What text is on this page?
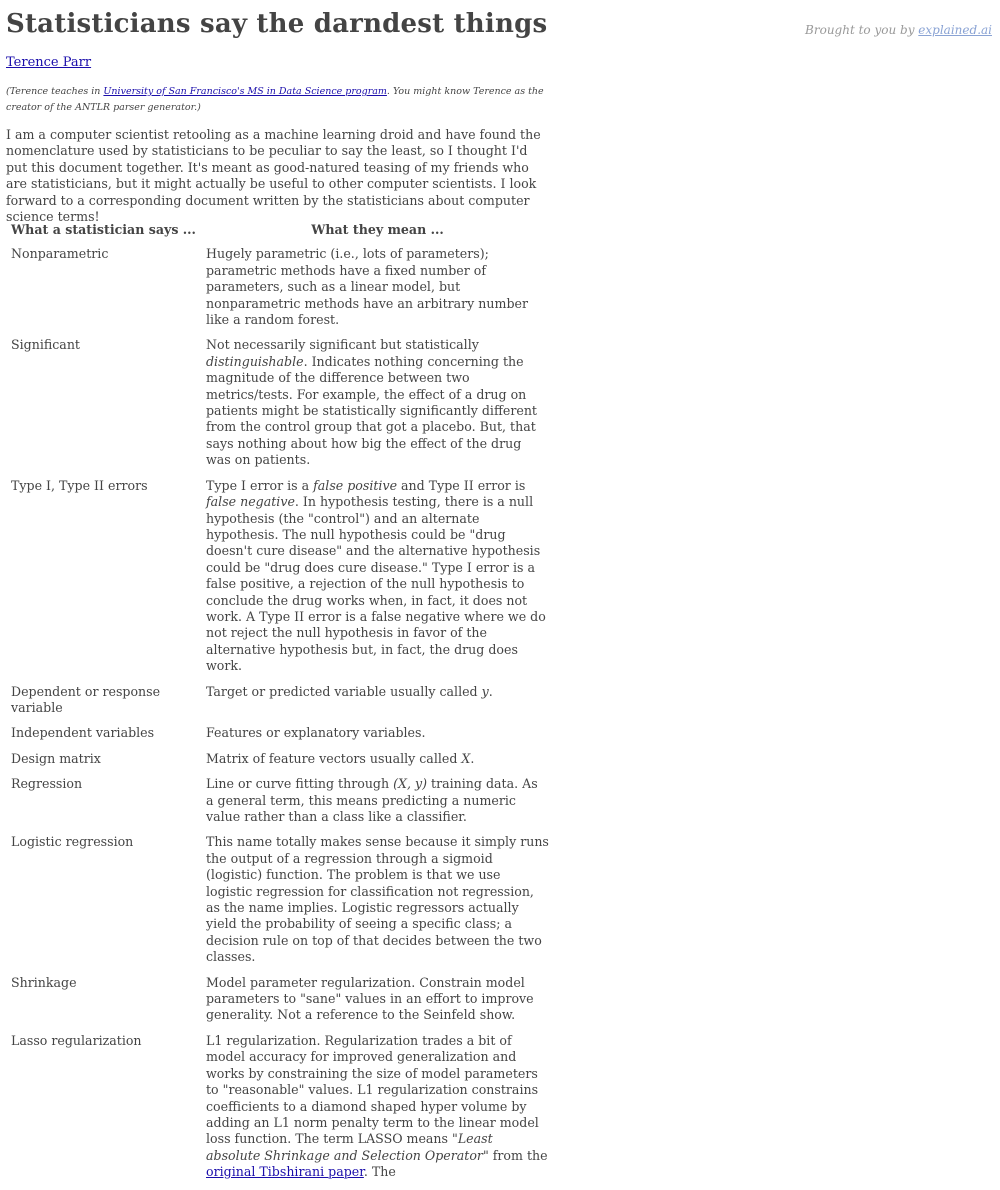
Brought to you by explained.ai
Statisticians say the darndest things
Terence Parr
(Terence teaches in University of San Francisco's MS in Data Science program. You might know Terence as the creator of the ANTLR parser generator.)

I am a computer scientist retooling as a machine learning droid and have found the nomenclature used by statisticians to be peculiar to say the least, so I thought I'd put this document together. It's meant as good-natured teasing of my friends who are statisticians, but it might actually be useful to other computer scientists. I look forward to a corresponding document written by the statisticians about computer science terms!

What a statistician says ...	What they mean ...
Nonparametric	Hugely parametric (i.e., lots of parameters); parametric methods have a fixed number of parameters, such as a linear model, but nonparametric methods have an arbitrary number like a random forest.
Significant	Not necessarily significant but statistically distinguishable. Indicates nothing concerning the magnitude of the difference between two metrics/tests. For example, the effect of a drug on patients might be statistically significantly different from the control group that got a placebo. But, that says nothing about how big the effect of the drug was on patients.
Type I, Type II errors	Type I error is a false positive and Type II error is false negative. In hypothesis testing, there is a null hypothesis (the "control") and an alternate hypothesis. The null hypothesis could be "drug doesn't cure disease" and the alternative hypothesis could be "drug does cure disease." Type I error is a false positive, a rejection of the null hypothesis to conclude the drug works when, in fact, it does not work. A Type II error is a false negative where we do not reject the null hypothesis in favor of the alternative hypothesis but, in fact, the drug does work.
Dependent or response variable	Target or predicted variable usually called y.
Independent variables	Features or explanatory variables.
Design matrix	Matrix of feature vectors usually called X.
Regression	Line or curve fitting through (X, y) training data. As a general term, this means predicting a numeric value rather than a class like a classifier.
Logistic regression	This name totally makes sense because it simply runs the output of a regression through a sigmoid (logistic) function. The problem is that we use logistic regression for classification not regression, as the name implies. Logistic regressors actually yield the probability of seeing a specific class; a decision rule on top of that decides between the two classes.
Shrinkage	Model parameter regularization. Constrain model parameters to "sane" values in an effort to improve generality. Not a reference to the Seinfeld show.
Lasso regularization	L1 regularization. Regularization trades a bit of model accuracy for improved generalization and works by constraining the size of model parameters to "reasonable" values. L1 regularization constrains coefficients to a diamond shaped hyper volume by adding an L1 norm penalty term to the linear model loss function. The term LASSO means "Least absolute Shrinkage and Selection Operator" from the original Tibshirani paper. The
